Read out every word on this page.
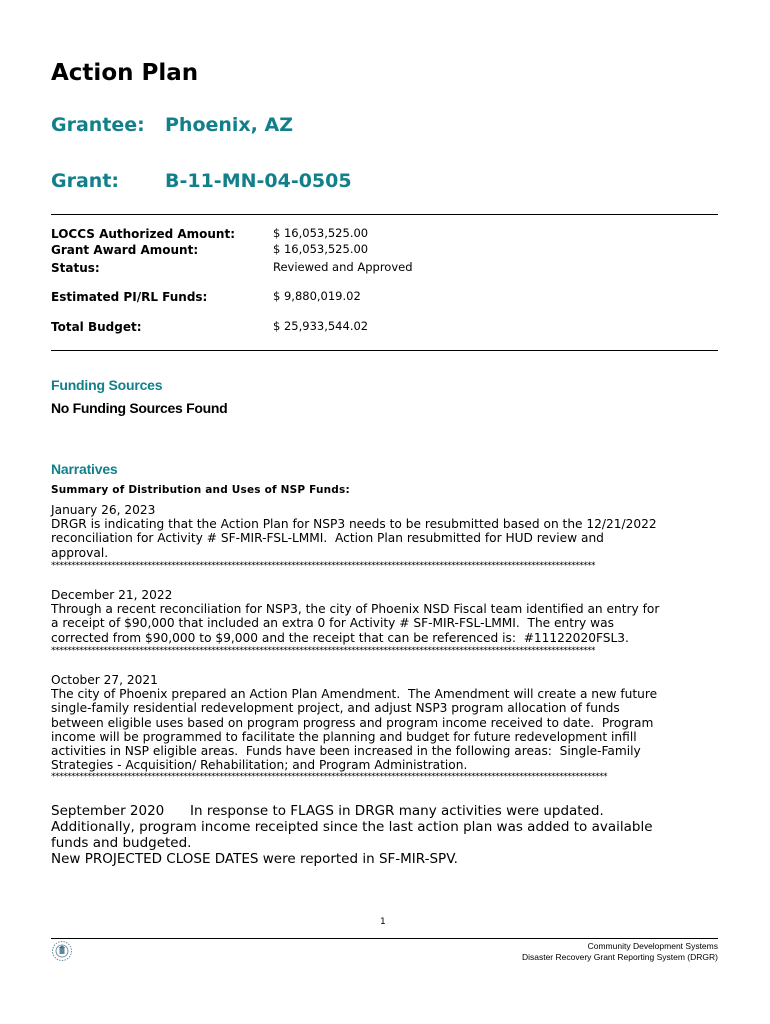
Action Plan
Grantee: Phoenix, AZ
Grant: B-11-MN-04-0505
LOCCS Authorized Amount:	$ 16,053,525.00
Grant Award Amount:	$ 16,053,525.00
Status:	Reviewed and Approved
Estimated PI/RL Funds:	$ 9,880,019.02
Total Budget:	$ 25,933,544.02
Funding Sources
No Funding Sources Found
Narratives
Summary of Distribution and Uses of NSP Funds:
January 26, 2023
DRGR is indicating that the Action Plan for NSP3 needs to be resubmitted based on the 12/21/2022
reconciliation for Activity # SF-MIR-FSL-LMMI.  Action Plan resubmitted for HUD review and
approval.
****************************************************************************************************************************************
December 21, 2022
Through a recent reconciliation for NSP3, the city of Phoenix NSD Fiscal team identified an entry for
a receipt of $90,000 that included an extra 0 for Activity # SF-MIR-FSL-LMMI.  The entry was
corrected from $90,000 to $9,000 and the receipt that can be referenced is:  #11122020FSL3.
****************************************************************************************************************************************
October 27, 2021
The city of Phoenix prepared an Action Plan Amendment.  The Amendment will create a new future
single-family residential redevelopment project, and adjust NSP3 program allocation of funds
between eligible uses based on program progress and program income received to date.  Program
income will be programmed to facilitate the planning and budget for future redevelopment infill
activities in NSP eligible areas.  Funds have been increased in the following areas:  Single-Family
Strategies - Acquisition/ Rehabilitation; and Program Administration.
*******************************************************************************************************************************************
September 2020      In response to FLAGS in DRGR many activities were updated.
Additionally, program income receipted since the last action plan was added to available
funds and budgeted.
New PROJECTED CLOSE DATES were reported in SF-MIR-SPV.
1
Community Development Systems
Disaster Recovery Grant Reporting System (DRGR)
